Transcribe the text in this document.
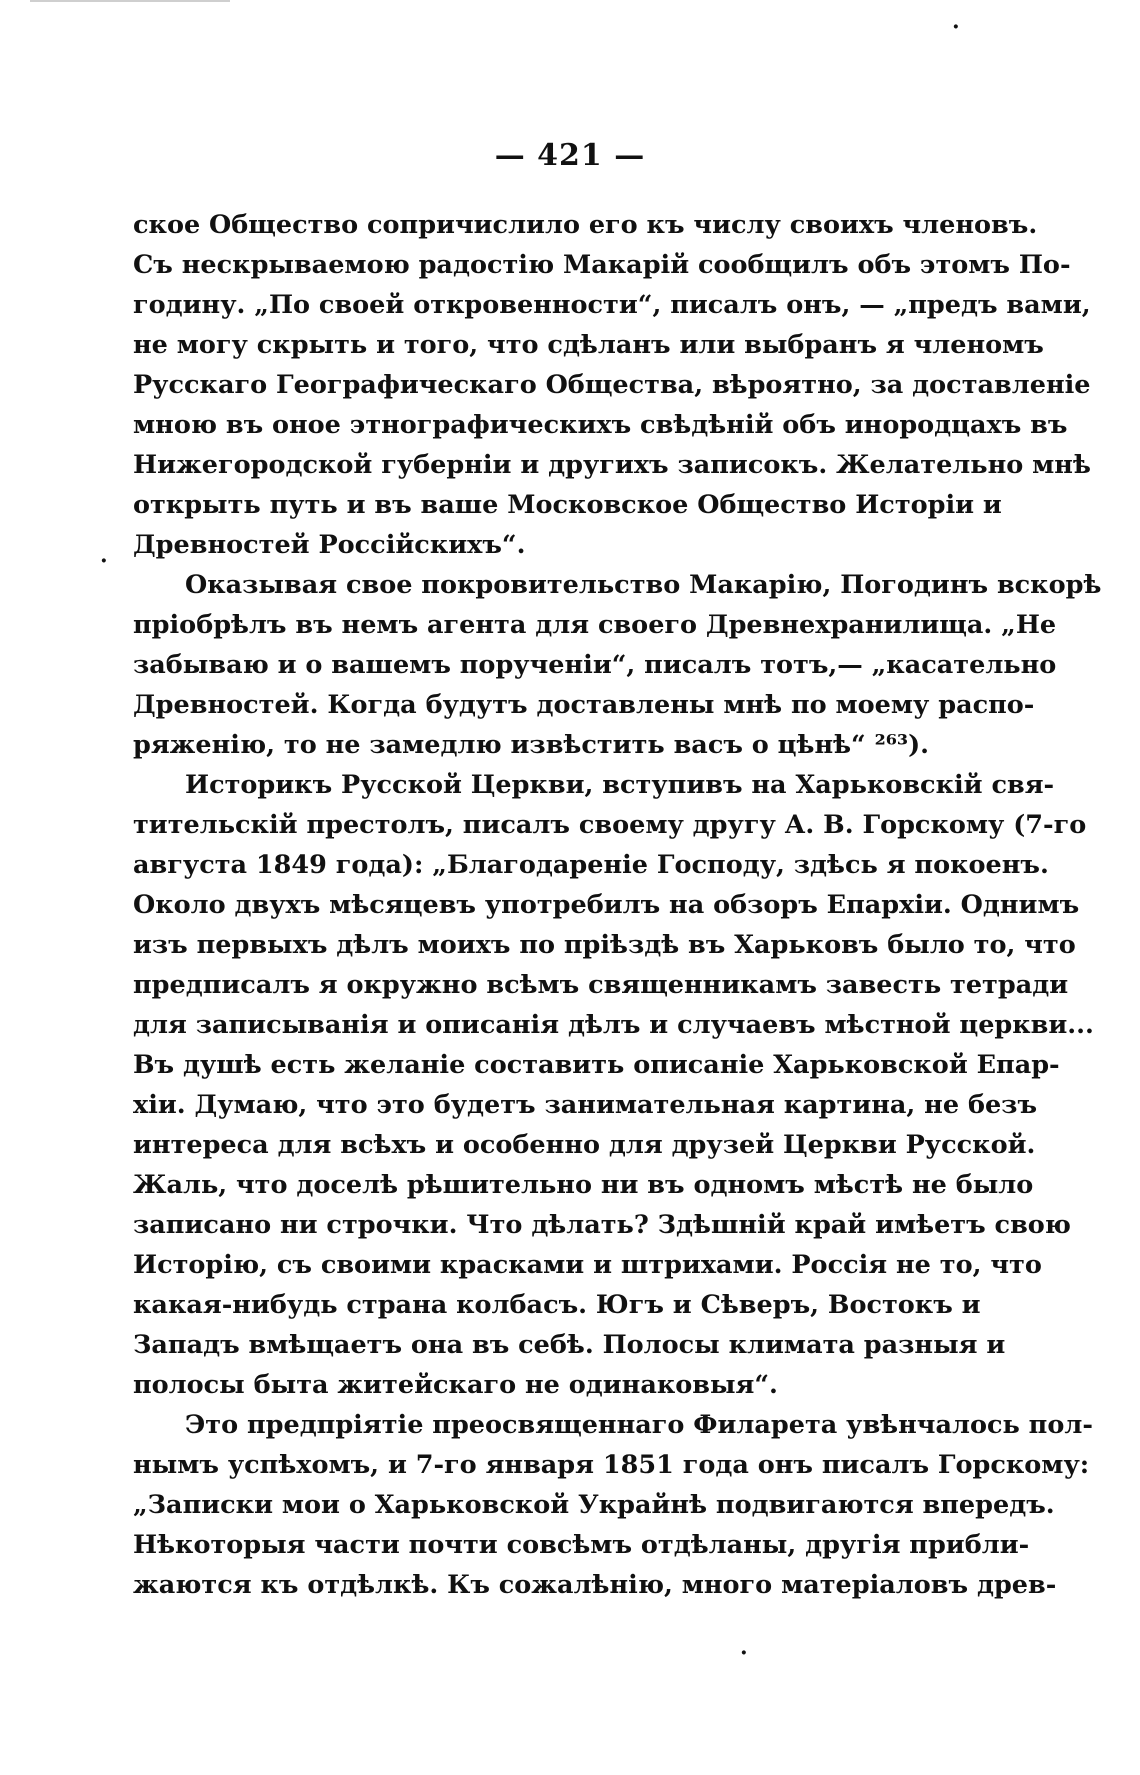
— 421 —
·
·
·
ское Общество сопричислило его къ числу своихъ членовъ.
Съ нескрываемою радостію Макарій сообщилъ объ этомъ По-
годину. „По своей откровенности“, писалъ онъ, — „предъ вами,
не могу скрыть и того, что сдѣланъ или выбранъ я членомъ
Русскаго Географическаго Общества, вѣроятно, за доставленіе
мною въ оное этнографическихъ свѣдѣній объ инородцахъ въ
Нижегородской губерніи и другихъ записокъ. Желательно мнѣ
открыть путь и въ ваше Московское Общество Исторіи и
Древностей Россійскихъ“.
Оказывая свое покровительство Макарію, Погодинъ вскорѣ
пріобрѣлъ въ немъ агента для своего Древнехранилища. „Не
забываю и о вашемъ порученіи“, писалъ тотъ,— „касательно
Древностей. Когда будутъ доставлены мнѣ по моему распо-
ряженію, то не замедлю извѣстить васъ о цѣнѣ“ ²⁶³).
Историкъ Русской Церкви, вступивъ на Харьковскій свя-
тительскій престолъ, писалъ своему другу А. В. Горскому (7-го
августа 1849 года): „Благодареніе Господу, здѣсь я покоенъ.
Около двухъ мѣсяцевъ употребилъ на обзоръ Епархіи. Однимъ
изъ первыхъ дѣлъ моихъ по пріѣздѣ въ Харьковъ было то, что
предписалъ я окружно всѣмъ священникамъ завесть тетради
для записыванія и описанія дѣлъ и случаевъ мѣстной церкви...
Въ душѣ есть желаніе составить описаніе Харьковской Епар-
хіи. Думаю, что это будетъ занимательная картина, не безъ
интереса для всѣхъ и особенно для друзей Церкви Русской.
Жаль, что доселѣ рѣшительно ни въ одномъ мѣстѣ не было
записано ни строчки. Что дѣлать? Здѣшній край имѣетъ свою
Исторію, съ своими красками и штрихами. Россія не то, что
какая-нибудь страна колбасъ. Югъ и Сѣверъ, Востокъ и
Западъ вмѣщаетъ она въ себѣ. Полосы климата разныя и
полосы быта житейскаго не одинаковыя“.
Это предпріятіе преосвященнаго Филарета увѣнчалось пол-
нымъ успѣхомъ, и 7-го января 1851 года онъ писалъ Горскому:
„Записки мои о Харьковской Украйнѣ подвигаются впередъ.
Нѣкоторыя части почти совсѣмъ отдѣланы, другія прибли-
жаются къ отдѣлкѣ. Къ сожалѣнію, много матеріаловъ древ-
